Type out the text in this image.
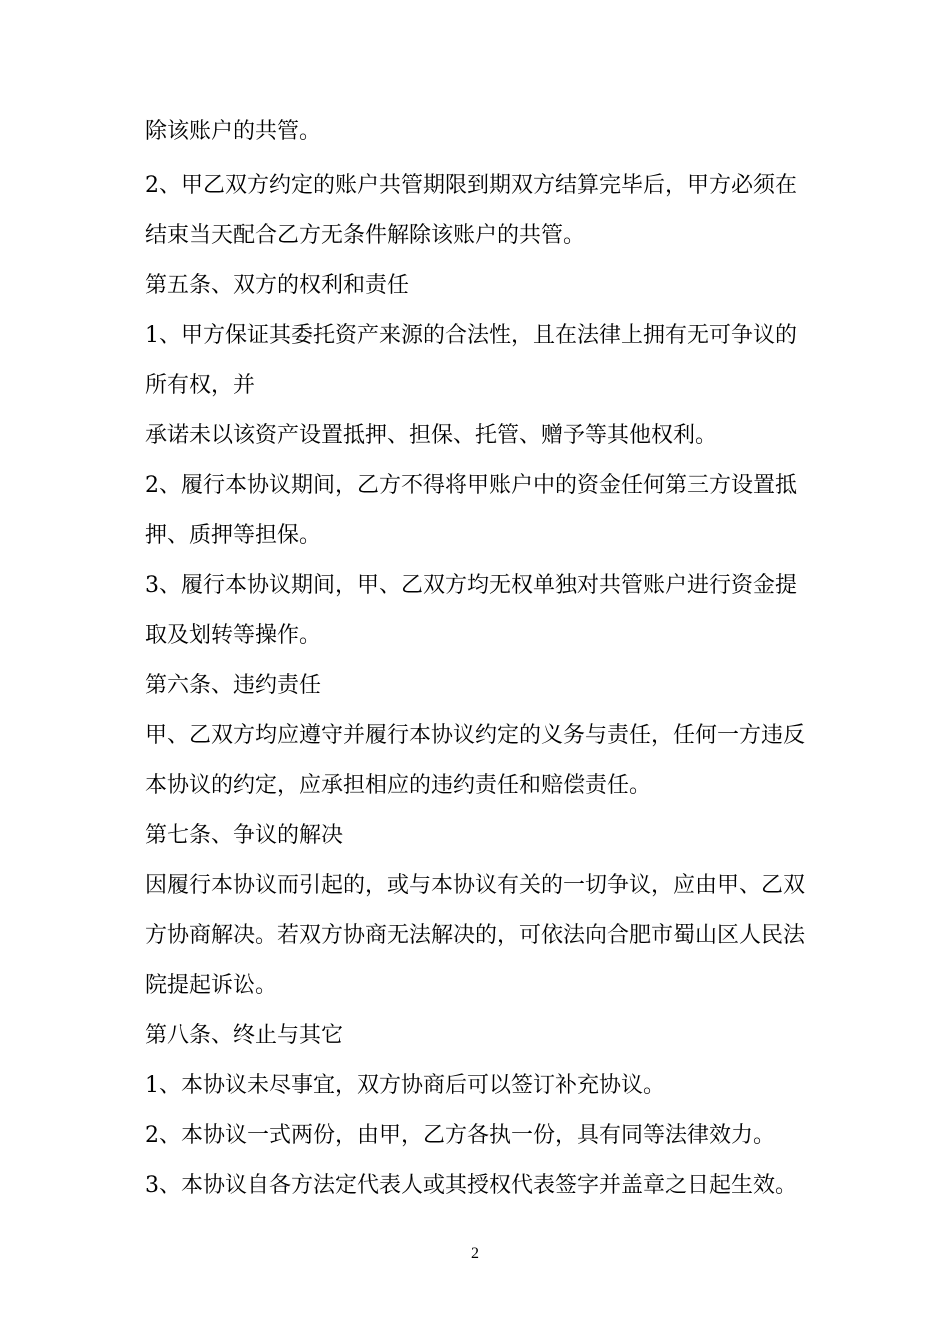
除该账户的共管。
2、甲乙双方约定的账户共管期限到期双方结算完毕后，甲方必须在
结束当天配合乙方无条件解除该账户的共管。
第五条、双方的权利和责任
1、甲方保证其委托资产来源的合法性，且在法律上拥有无可争议的
所有权，并
承诺未以该资产设置抵押、担保、托管、赠予等其他权利。
2、履行本协议期间，乙方不得将甲账户中的资金任何第三方设置抵
押、质押等担保。
3、履行本协议期间，甲、乙双方均无权单独对共管账户进行资金提
取及划转等操作。
第六条、违约责任
甲、乙双方均应遵守并履行本协议约定的义务与责任，任何一方违反
本协议的约定，应承担相应的违约责任和赔偿责任。
第七条、争议的解决
因履行本协议而引起的，或与本协议有关的一切争议，应由甲、乙双
方协商解决。若双方协商无法解决的，可依法向合肥市蜀山区人民法
院提起诉讼。
第八条、终止与其它
1、本协议未尽事宜，双方协商后可以签订补充协议。
2、本协议一式两份，由甲，乙方各执一份，具有同等法律效力。
3、本协议自各方法定代表人或其授权代表签字并盖章之日起生效。
2
